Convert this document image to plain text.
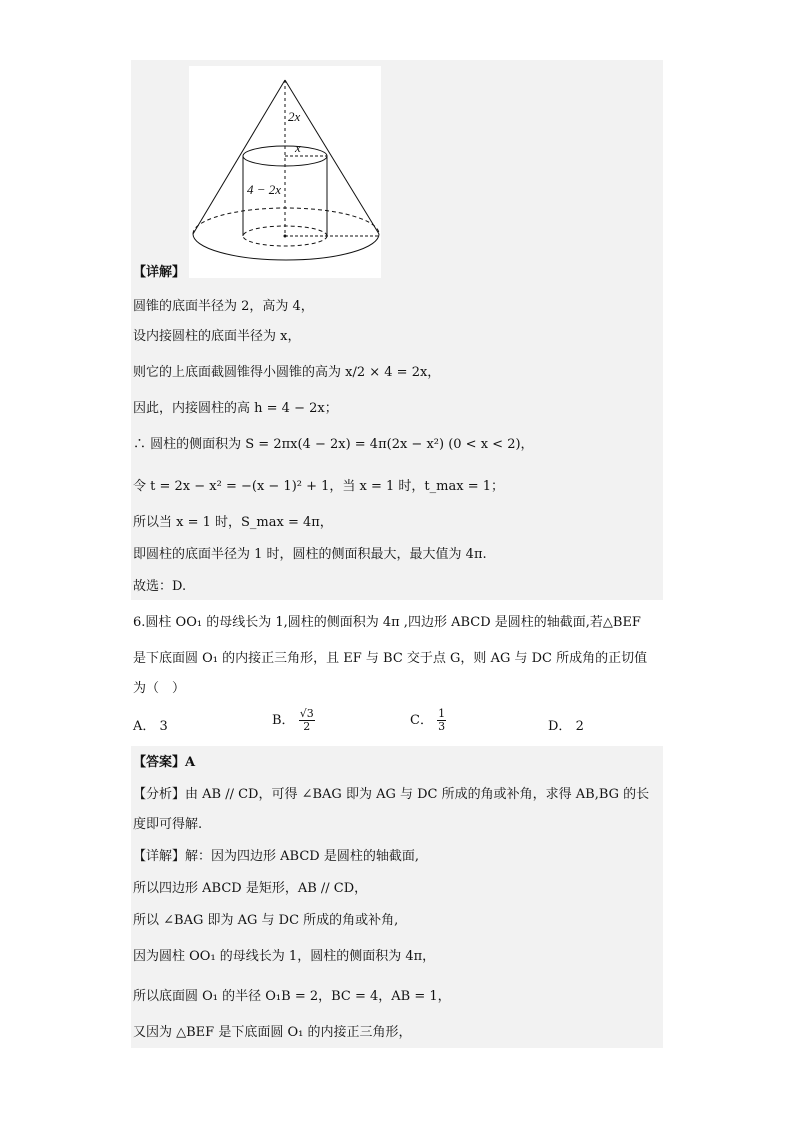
2x
x
4 − 2x
【详解】
圆锥的底面半径为 2，高为 4，
设内接圆柱的底面半径为 x，
则它的上底面截圆锥得小圆锥的高为 x/2 × 4 = 2x，
因此，内接圆柱的高 h = 4 − 2x；
∴ 圆柱的侧面积为 S = 2πx(4 − 2x) = 4π(2x − x²) (0 < x < 2)，
令 t = 2x − x² = −(x − 1)² + 1，当 x = 1 时，t_max = 1；
所以当 x = 1 时，S_max = 4π，
即圆柱的底面半径为 1 时，圆柱的侧面积最大，最大值为 4π.
故选：D.
6.圆柱 OO₁ 的母线长为 1,圆柱的侧面积为 4π ,四边形 ABCD 是圆柱的轴截面,若△BEF
是下底面圆 O₁ 的内接正三角形，且 EF 与 BC 交于点 G，则 AG 与 DC 所成角的正切值
为（　）
A． 3	B． $\frac{√3}{2}$	C． $\frac{1}{3}$	D． 2
【答案】A
【分析】由 AB // CD，可得 ∠BAG 即为 AG 与 DC 所成的角或补角，求得 AB,BG 的长
度即可得解.
【详解】解：因为四边形 ABCD 是圆柱的轴截面,
所以四边形 ABCD 是矩形，AB // CD，
所以 ∠BAG 即为 AG 与 DC 所成的角或补角,
因为圆柱 OO₁ 的母线长为 1，圆柱的侧面积为 4π，
所以底面圆 O₁ 的半径 O₁B = 2，BC = 4，AB = 1，
又因为 △BEF 是下底面圆 O₁ 的内接正三角形，
